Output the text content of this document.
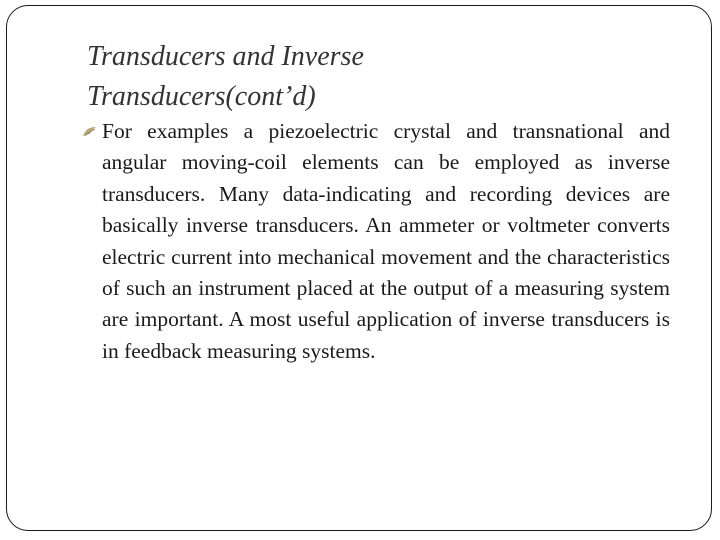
Transducers and Inverse
Transducers(cont’d)
For examples a piezoelectric crystal and transnational and angular moving-coil elements can be employed as inverse transducers. Many data-indicating and recording devices are basically inverse transducers. An ammeter or voltmeter converts electric current into mechanical movement and the characteristics of such an instrument placed at the output of a measuring system are important. A most useful application of inverse transducers is in feedback measuring systems.
